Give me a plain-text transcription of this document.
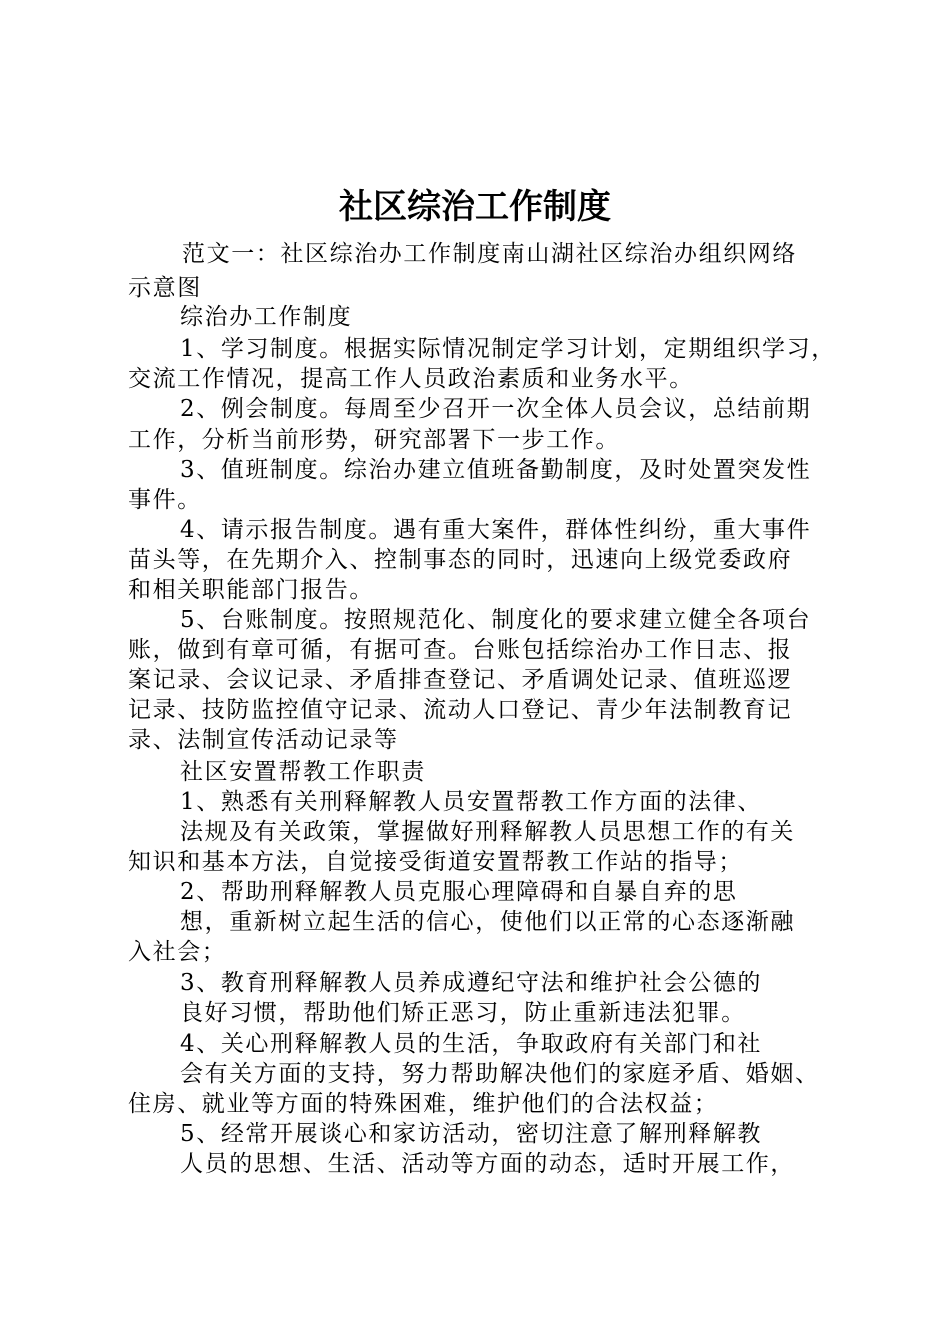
社区综治工作制度
范文一：社区综治办工作制度南山湖社区综治办组织网络
示意图
综治办工作制度
1、学习制度。根据实际情况制定学习计划，定期组织学习，
交流工作情况，提高工作人员政治素质和业务水平。
2、例会制度。每周至少召开一次全体人员会议，总结前期
工作，分析当前形势，研究部署下一步工作。
3、值班制度。综治办建立值班备勤制度，及时处置突发性
事件。
4、请示报告制度。遇有重大案件，群体性纠纷，重大事件
苗头等，在先期介入、控制事态的同时，迅速向上级党委政府
和相关职能部门报告。
5、台账制度。按照规范化、制度化的要求建立健全各项台
账，做到有章可循，有据可查。台账包括综治办工作日志、报
案记录、会议记录、矛盾排查登记、矛盾调处记录、值班巡逻
记录、技防监控值守记录、流动人口登记、青少年法制教育记
录、法制宣传活动记录等
社区安置帮教工作职责
1、熟悉有关刑释解教人员安置帮教工作方面的法律、
法规及有关政策，掌握做好刑释解教人员思想工作的有关
知识和基本方法，自觉接受街道安置帮教工作站的指导；
2、帮助刑释解教人员克服心理障碍和自暴自弃的思
想，重新树立起生活的信心，使他们以正常的心态逐渐融
入社会；
3、教育刑释解教人员养成遵纪守法和维护社会公德的
良好习惯，帮助他们矫正恶习，防止重新违法犯罪。
4、关心刑释解教人员的生活，争取政府有关部门和社
会有关方面的支持，努力帮助解决他们的家庭矛盾、婚姻、
住房、就业等方面的特殊困难，维护他们的合法权益；
5、经常开展谈心和家访活动，密切注意了解刑释解教
人员的思想、生活、活动等方面的动态，适时开展工作，
